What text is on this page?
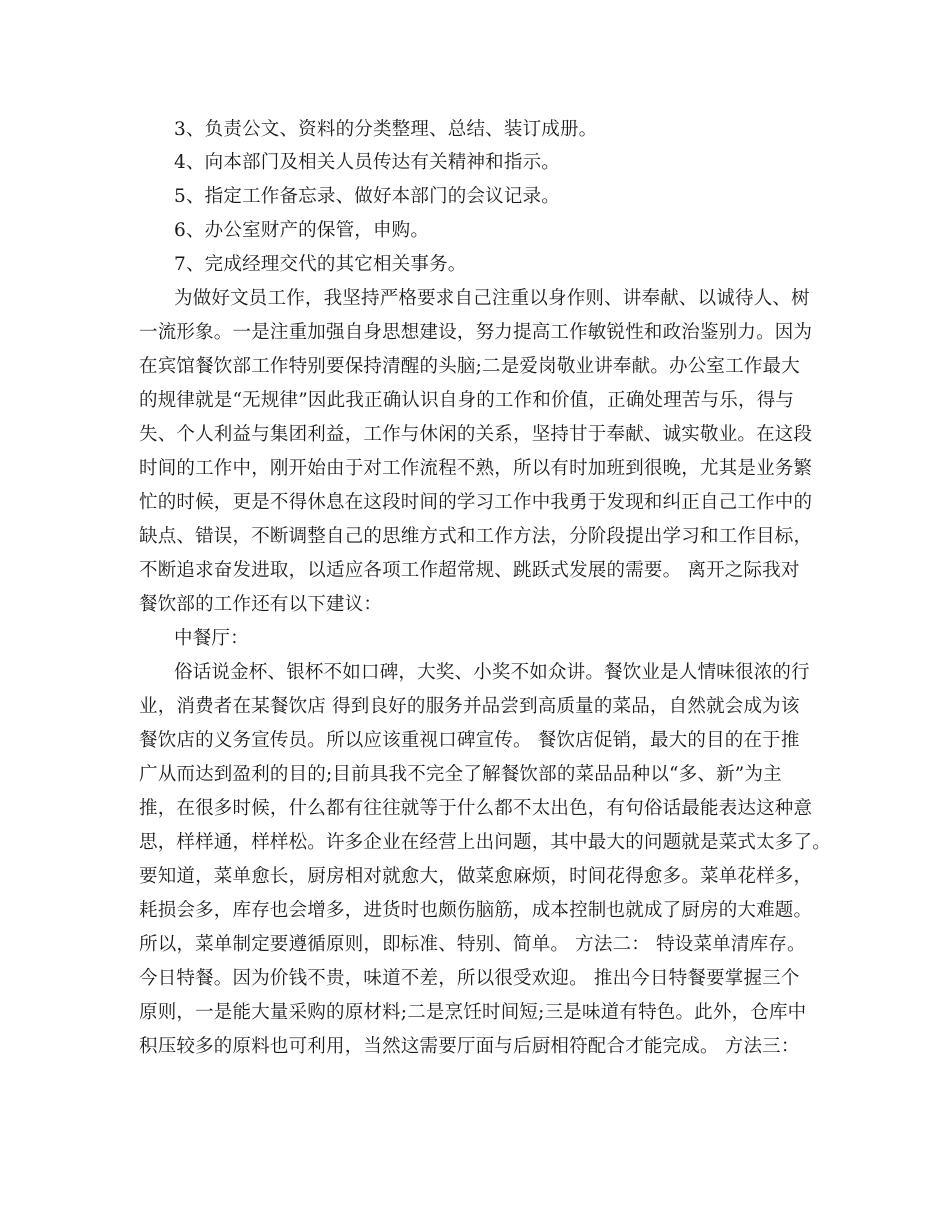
3、负责公文、资料的分类整理、总结、装订成册。
4、向本部门及相关人员传达有关精神和指示。
5、指定工作备忘录、做好本部门的会议记录。
6、办公室财产的保管，申购。
7、完成经理交代的其它相关事务。
为做好文员工作，我坚持严格要求自己注重以身作则、讲奉献、以诚待人、树
一流形象。一是注重加强自身思想建设，努力提高工作敏锐性和政治鉴别力。因为
在宾馆餐饮部工作特别要保持清醒的头脑;二是爱岗敬业讲奉献。办公室工作最大
的规律就是“无规律”因此我正确认识自身的工作和价值，正确处理苦与乐，得与
失、个人利益与集团利益，工作与休闲的关系，坚持甘于奉献、诚实敬业。在这段
时间的工作中，刚开始由于对工作流程不熟，所以有时加班到很晚，尤其是业务繁
忙的时候，更是不得休息在这段时间的学习工作中我勇于发现和纠正自己工作中的
缺点、错误，不断调整自己的思维方式和工作方法，分阶段提出学习和工作目标，
不断追求奋发进取，以适应各项工作超常规、跳跃式发展的需要。 离开之际我对
餐饮部的工作还有以下建议：
中餐厅：
俗话说金杯、银杯不如口碑，大奖、小奖不如众讲。餐饮业是人情味很浓的行
业，消费者在某餐饮店 得到良好的服务并品尝到高质量的菜品，自然就会成为该
餐饮店的义务宣传员。所以应该重视口碑宣传。 餐饮店促销，最大的目的在于推
广从而达到盈利的目的;目前具我不完全了解餐饮部的菜品品种以“多、新”为主
推，在很多时候，什么都有往往就等于什么都不太出色，有句俗话最能表达这种意
思，样样通，样样松。许多企业在经营上出问题，其中最大的问题就是菜式太多了。
要知道，菜单愈长，厨房相对就愈大，做菜愈麻烦，时间花得愈多。菜单花样多，
耗损会多，库存也会增多，进货时也颇伤脑筋，成本控制也就成了厨房的大难题。
所以，菜单制定要遵循原则，即标准、特别、简单。 方法二： 特设菜单清库存。
今日特餐。因为价钱不贵，味道不差，所以很受欢迎。 推出今日特餐要掌握三个
原则，一是能大量采购的原材料;二是烹饪时间短;三是味道有特色。此外，仓库中
积压较多的原料也可利用，当然这需要厅面与后厨相符配合才能完成。 方法三：
